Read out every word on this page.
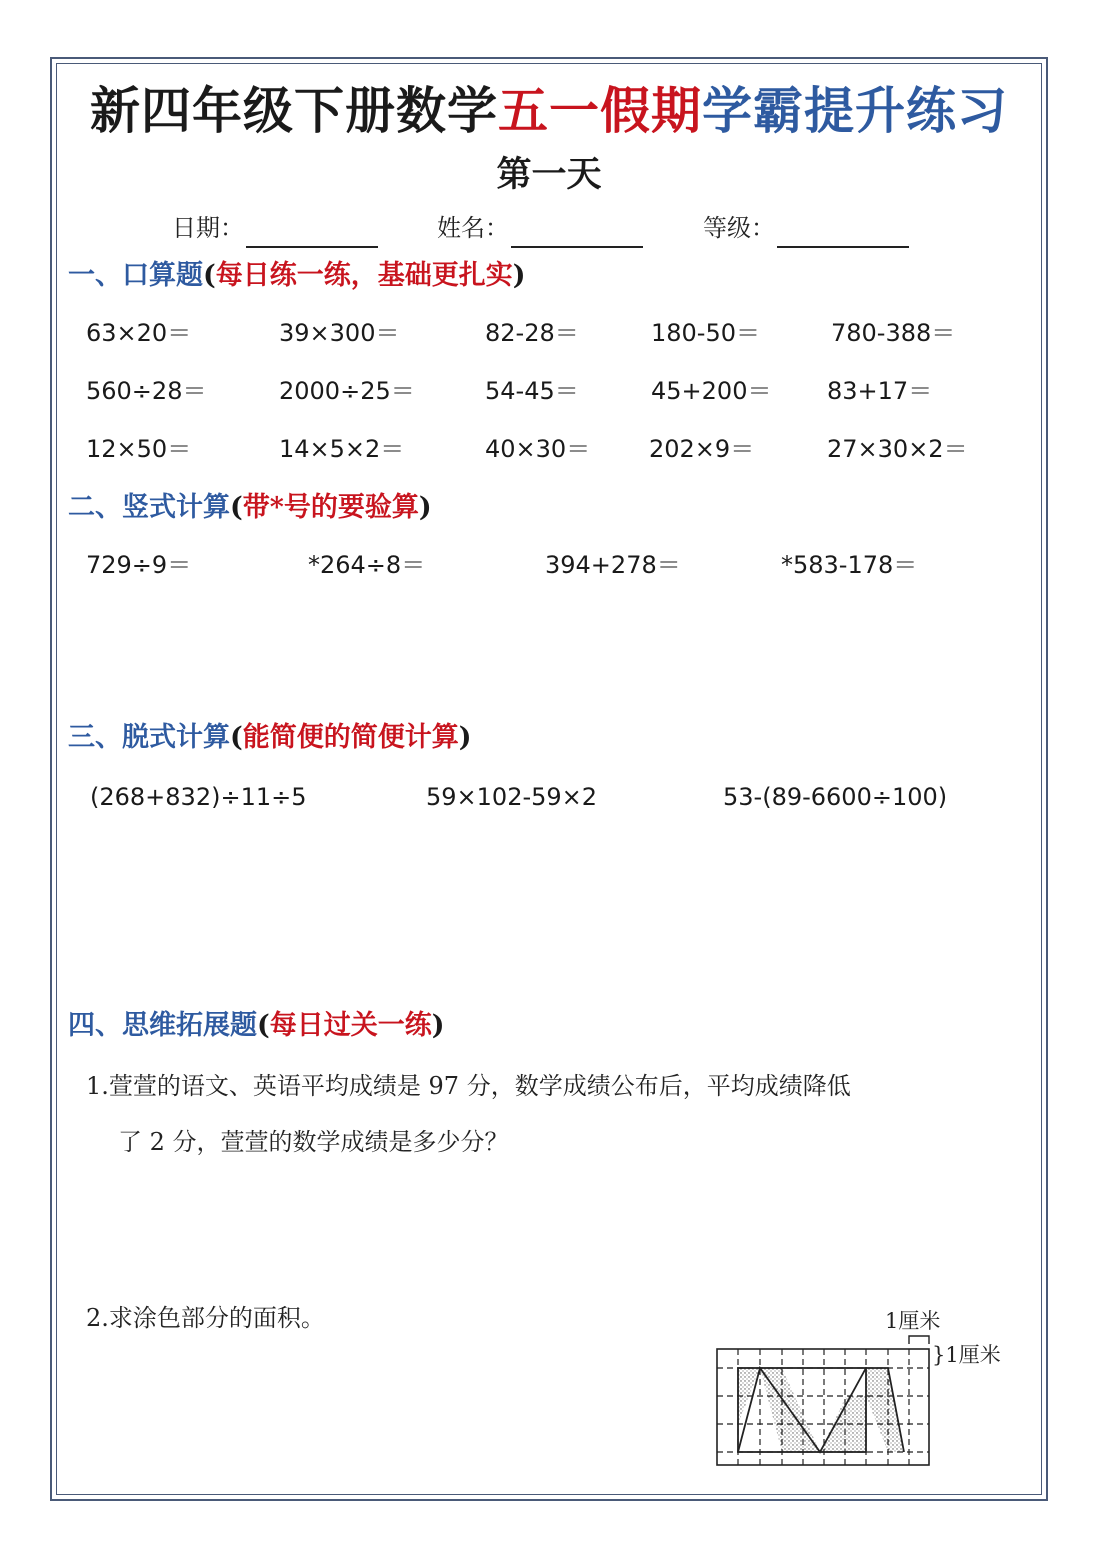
新四年级下册数学五一假期学霸提升练习
第一天
日期：	姓名：	等级：
一、口算题(每日练一练，基础更扎实)
63×20＝	39×300＝	82-28＝	180-50＝	780-388＝
560÷28＝	2000÷25＝	54-45＝	45+200＝ 83+17＝
12×50＝	14×5×2＝	40×30＝ 202×9＝	27×30×2＝
二、竖式计算(带*号的要验算)
729÷9＝	*264÷8＝	394+278＝	*583-178＝
三、脱式计算(能简便的简便计算)
(268+832)÷11÷5	59×102-59×2	53-(89-6600÷100)
四、思维拓展题(每日过关一练)
1.萱萱的语文、英语平均成绩是 97 分，数学成绩公布后，平均成绩降低
了 2 分，萱萱的数学成绩是多少分？
2.求涂色部分的面积。	1厘米
}1厘米
